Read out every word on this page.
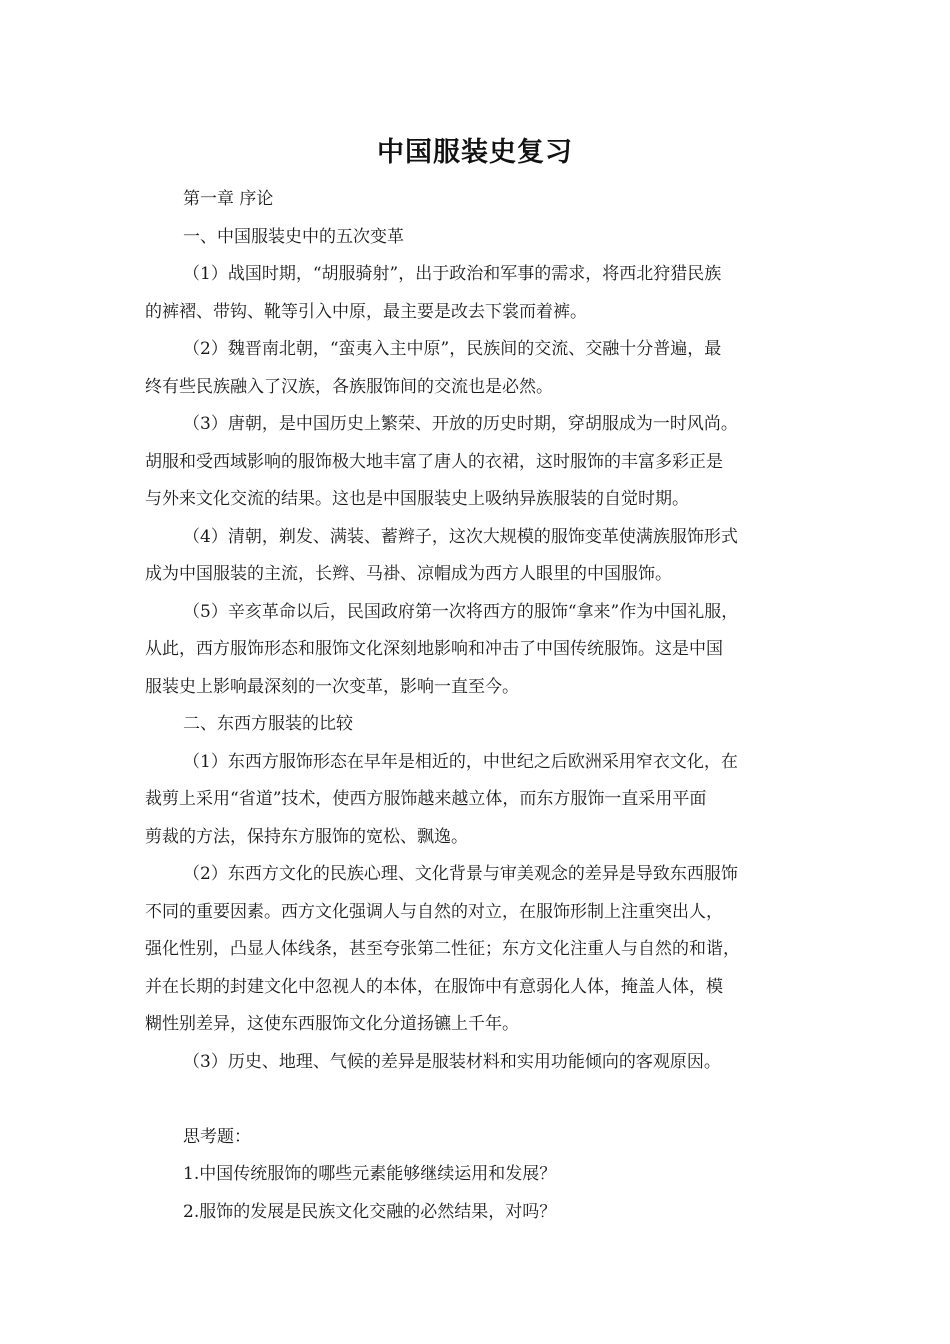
中国服装史复习
第一章 序论
一、中国服装史中的五次变革
（1）战国时期，“胡服骑射”，出于政治和军事的需求，将西北狩猎民族
的裤褶、带钩、靴等引入中原，最主要是改去下裳而着裤。
（2）魏晋南北朝，“蛮夷入主中原”，民族间的交流、交融十分普遍，最
终有些民族融入了汉族，各族服饰间的交流也是必然。
（3）唐朝，是中国历史上繁荣、开放的历史时期，穿胡服成为一时风尚。
胡服和受西域影响的服饰极大地丰富了唐人的衣裙，这时服饰的丰富多彩正是
与外来文化交流的结果。这也是中国服装史上吸纳异族服装的自觉时期。
（4）清朝，剃发、满装、蓄辫子，这次大规模的服饰变革使满族服饰形式
成为中国服装的主流，长辫、马褂、凉帽成为西方人眼里的中国服饰。
（5）辛亥革命以后，民国政府第一次将西方的服饰“拿来”作为中国礼服，
从此，西方服饰形态和服饰文化深刻地影响和冲击了中国传统服饰。这是中国
服装史上影响最深刻的一次变革，影响一直至今。
二、东西方服装的比较
（1）东西方服饰形态在早年是相近的，中世纪之后欧洲采用窄衣文化，在
裁剪上采用“省道”技术，使西方服饰越来越立体，而东方服饰一直采用平面
剪裁的方法，保持东方服饰的宽松、飘逸。
（2）东西方文化的民族心理、文化背景与审美观念的差异是导致东西服饰
不同的重要因素。西方文化强调人与自然的对立，在服饰形制上注重突出人，
强化性别，凸显人体线条，甚至夸张第二性征；东方文化注重人与自然的和谐，
并在长期的封建文化中忽视人的本体，在服饰中有意弱化人体，掩盖人体，模
糊性别差异，这使东西服饰文化分道扬镳上千年。
（3）历史、地理、气候的差异是服装材料和实用功能倾向的客观原因。
思考题：
1.中国传统服饰的哪些元素能够继续运用和发展？
2.服饰的发展是民族文化交融的必然结果，对吗？
